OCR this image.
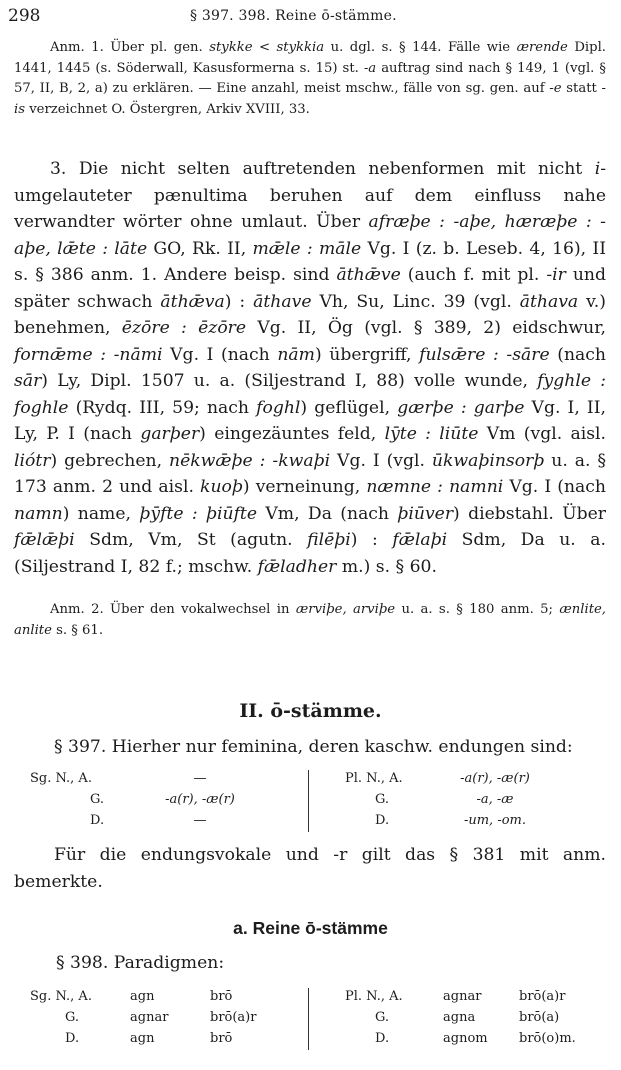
298	§ 397. 398. Reine ō-stämme.

Anm. 1. Über pl. gen. stykke < stykkia u. dgl. s. § 144. Fälle wie ærende Dipl. 1441, 1445 (s. Söderwall, Kasusformerna s. 15) st. -a auftrag sind nach § 149, 1 (vgl. § 57, II, B, 2, a) zu erklären. — Eine anzahl, meist mschw., fälle von sg. gen. auf -e statt -is verzeichnet O. Östergren, Arkiv XVIII, 33.

3. Die nicht selten auftretenden nebenformen mit nicht i-umgelauteter pænultima beruhen auf dem einfluss nahe verwandter wörter ohne umlaut. Über afræþe : -aþe, hæræþe : -aþe, lǣte : lāte GO, Rk. II, mǣle : māle Vg. I (z. b. Leseb. 4, 16), II s. § 386 anm. 1. Andere beisp. sind āthǣve (auch f. mit pl. -ir und später schwach āthǣva) : āthave Vh, Su, Linc. 39 (vgl. āthava v.) benehmen, ēzōre : ēzōre Vg. II, Ög (vgl. § 389, 2) eidschwur, fornǣme : -nāmi Vg. I (nach nām) übergriff, fulsǣre : -sāre (nach sār) Ly, Dipl. 1507 u. a. (Siljestrand I, 88) volle wunde, fyghle : foghle (Rydq. III, 59; nach foghl) geflügel, gærþe : garþe Vg. I, II, Ly, P. I (nach garþer) eingezäuntes feld, lȳte : liūte Vm (vgl. aisl. liótr) gebrechen, nēkwǣþe : -kwaþi Vg. I (vgl. ūkwaþinsorþ u. a. § 173 anm. 2 und aisl. kuoþ) verneinung, næmne : namni Vg. I (nach namn) name, þȳfte : þiūfte Vm, Da (nach þiūver) diebstahl. Über fǣlǣþi Sdm, Vm, St (agutn. filēþi) : fǣlaþi Sdm, Da u. a. (Siljestrand I, 82 f.; mschw. fǣladher m.) s. § 60.

Anm. 2. Über den vokalwechsel in ærviþe, arviþe u. a. s. § 180 anm. 5; ænlite, anlite s. § 61.

II. ō-stämme.

§ 397. Hierher nur feminina, deren kaschw. endungen sind:

Sg. N., A.	—
G.	-a(r), -æ(r)
D.	—
Pl. N., A.	-a(r), -æ(r)
G.	-a, -æ
D.	-um, -om.

Für die endungsvokale und -r gilt das § 381 mit anm. bemerkte.

a. Reine ō-stämme

§ 398. Paradigmen:

Sg. N., A.	agn	brō
G.	agnar	brō(a)r
D.	agn	brō
Pl. N., A.	agnar	brō(a)r
G.	agna	brō(a)
D.	agnom	brō(o)m.
